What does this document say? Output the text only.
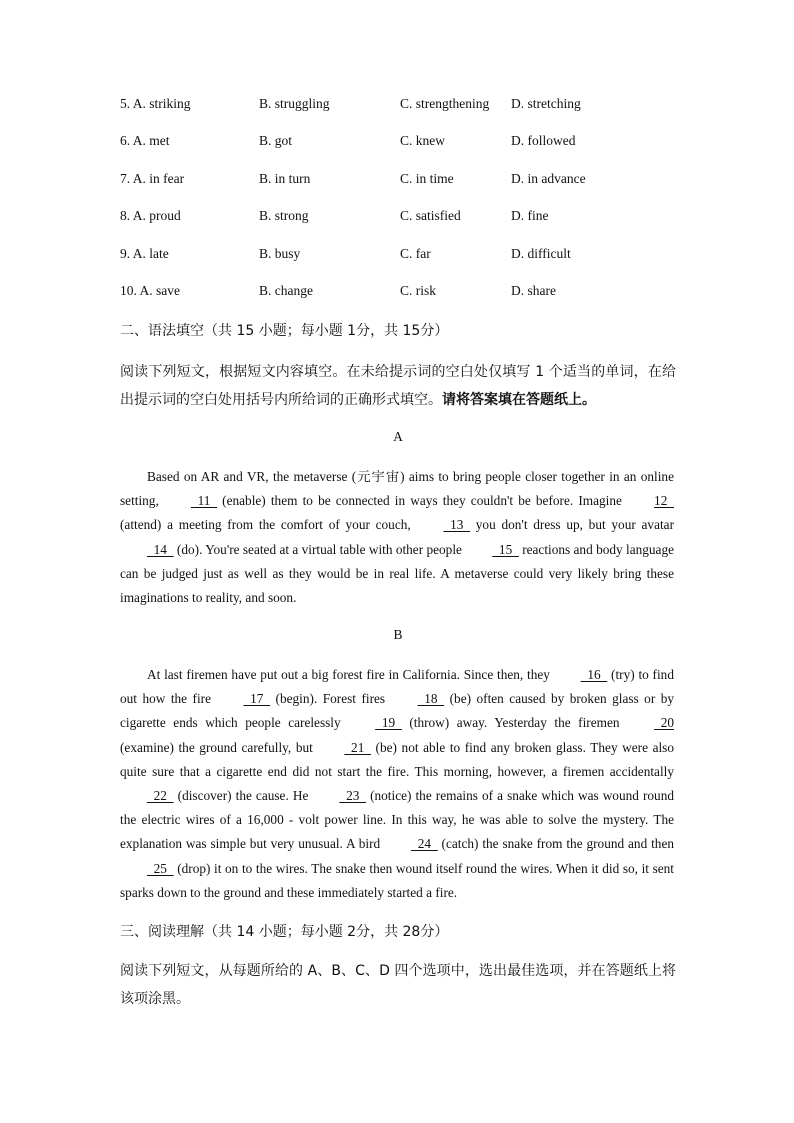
5. A. striking	B. struggling	C. strengthening D. stretching
6. A. met	B. got	C. knew	D. followed
7. A. in fear	B. in turn	C. in time	D. in advance
8. A. proud	B. strong	C. satisfied	D. fine
9. A. late	B. busy	C. far	D. difficult
10. A. save	B. change	C. risk	D. share
二、语法填空（共 15 小题；每小题 1分，共 15分）
阅读下列短文，根据短文内容填空。在未给提示词的空白处仅填写 1 个适当的单词，在给出提示词的空白处用括号内所给词的正确形式填空。请将答案填在答题纸上。
A
Based on AR and VR, the metaverse (元宇宙) aims to bring people closer together in an online setting,   11   (enable) them to be connected in ways they couldn't be before. Imagine 12   (attend) a meeting from the comfort of your couch,   13   you don't dress up, but your avatar   14   (do). You're seated at a virtual table with other people   15   reactions and body language can be judged just as well as they would be in real life. A metaverse could very likely bring these imaginations to reality, and soon.
B
At last firemen have put out a big forest fire in California. Since then, they   16   (try) to find out how the fire   17   (begin). Forest fires   18   (be) often caused by broken glass or by cigarette ends which people carelessly   19   (throw) away. Yesterday the firemen   20 (examine) the ground carefully, but   21   (be) not able to find any broken glass. They were also quite sure that a cigarette end did not start the fire. This morning, however, a firemen accidentally   22   (discover) the cause. He   23   (notice) the remains of a snake which was wound round the electric wires of a 16,000 - volt power line. In this way, he was able to solve the mystery. The explanation was simple but very unusual. A bird   24   (catch) the snake from the ground and then   25   (drop) it on to the wires. The snake then wound itself round the wires. When it did so, it sent sparks down to the ground and these immediately started a fire.
三、阅读理解（共 14 小题；每小题 2分，共 28分）
阅读下列短文，从每题所给的 A、B、C、D 四个选项中，选出最佳选项，并在答题纸上将该项涂黑。
